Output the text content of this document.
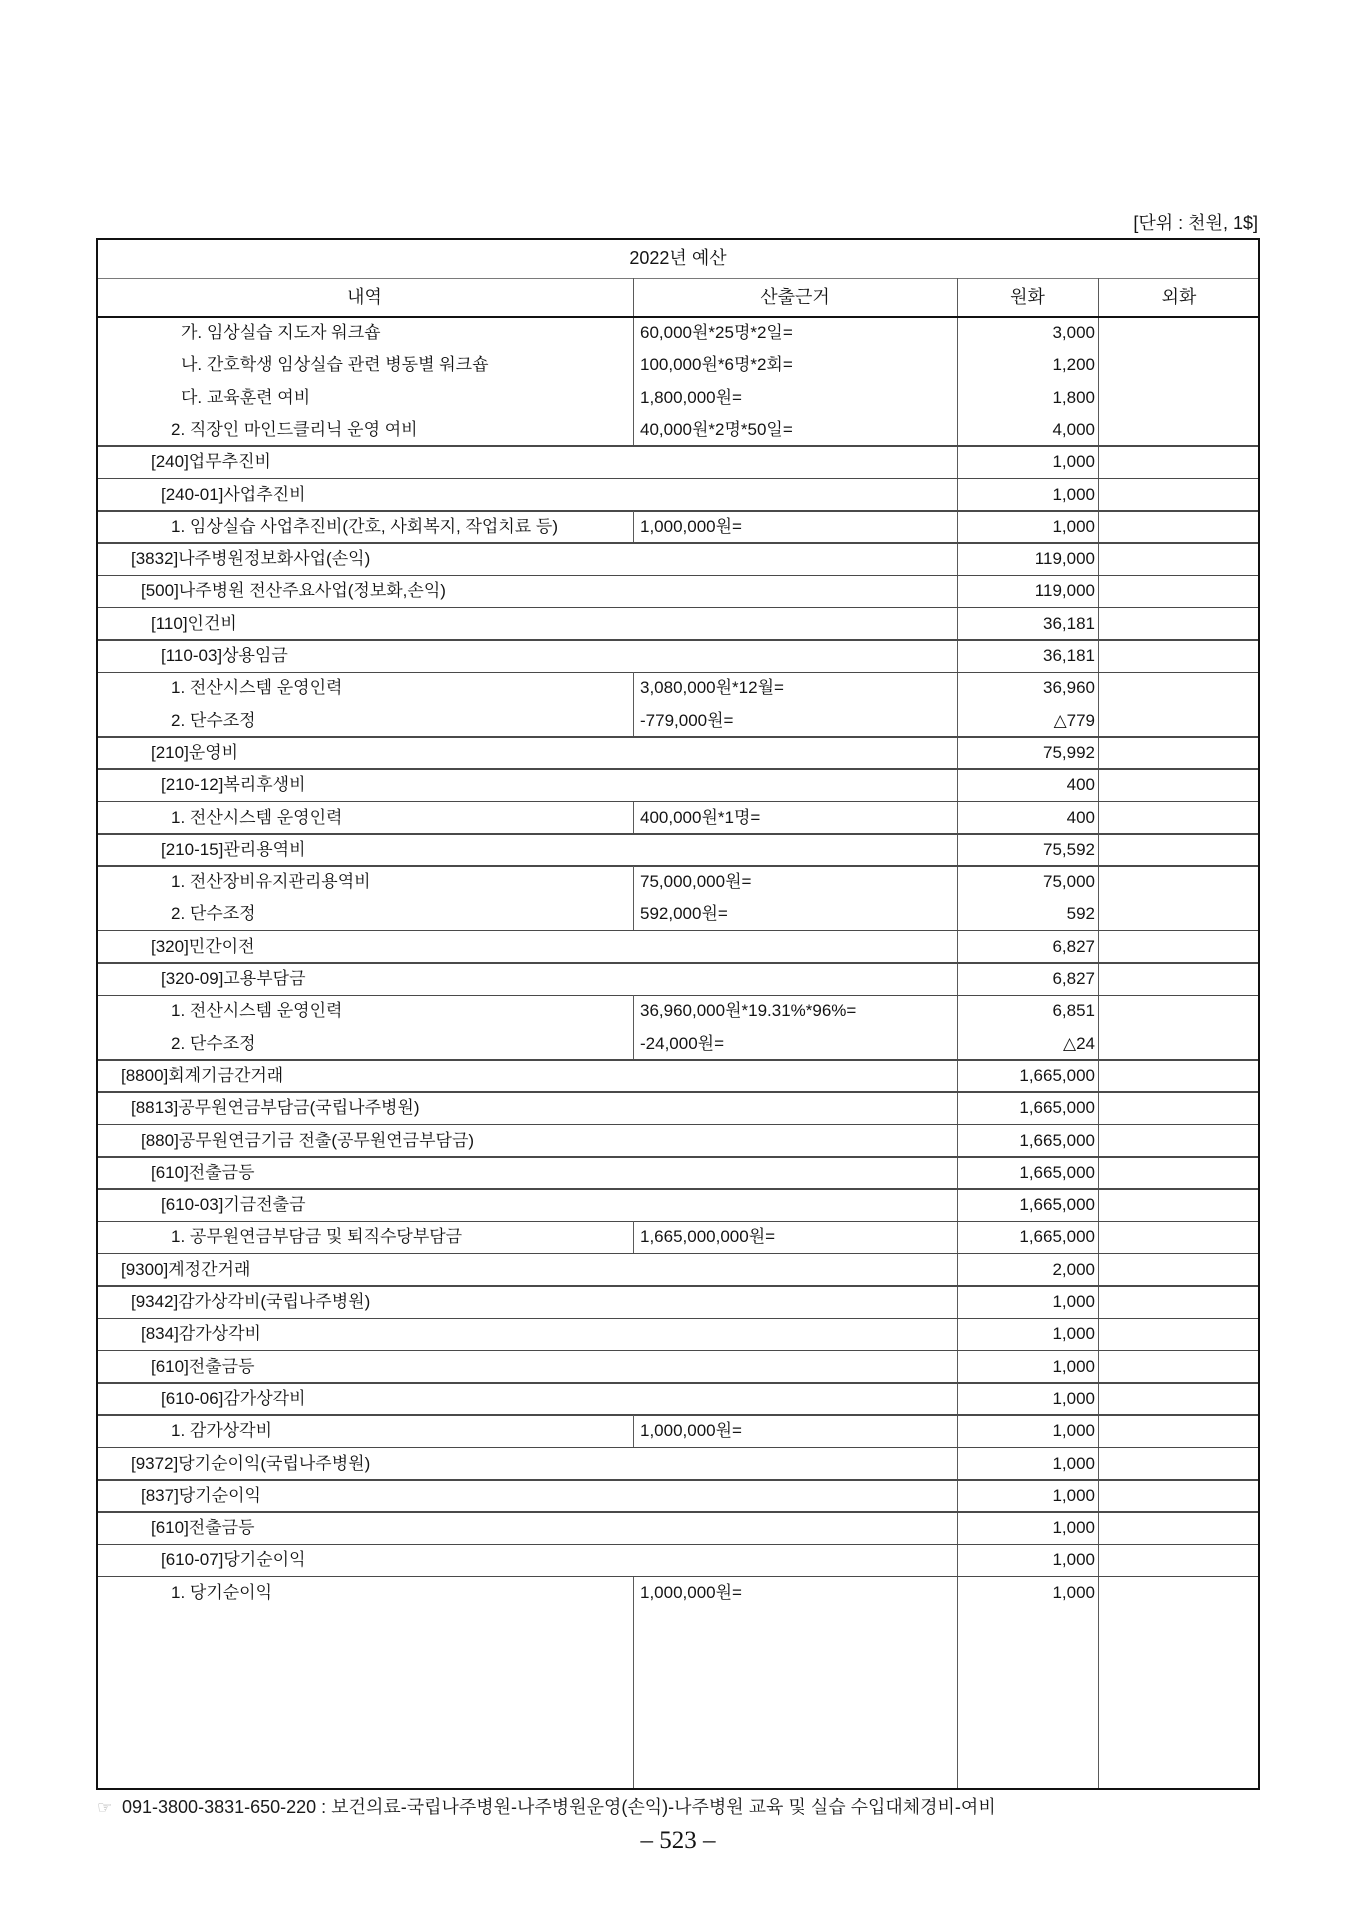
[단위 : 천원, 1$]
2022년 예산
내역	산출근거	원화	외화
가. 임상실습 지도자 워크숍	60,000원*25명*2일=	3,000
나. 간호학생 임상실습 관련 병동별 워크숍	100,000원*6명*2회=	1,200
다. 교육훈련 여비	1,800,000원=	1,800
2. 직장인 마인드클리닉 운영 여비	40,000원*2명*50일=	4,000
[240]업무추진비	1,000
[240-01]사업추진비	1,000
1. 임상실습 사업추진비(간호, 사회복지, 작업치료 등)	1,000,000원=	1,000
[3832]나주병원정보화사업(손익)	119,000
[500]나주병원 전산주요사업(정보화,손익)	119,000
[110]인건비	36,181
[110-03]상용임금	36,181
1. 전산시스템 운영인력	3,080,000원*12월=	36,960
2. 단수조정	-779,000원=	△779
[210]운영비	75,992
[210-12]복리후생비	400
1. 전산시스템 운영인력	400,000원*1명=	400
[210-15]관리용역비	75,592
1. 전산장비유지관리용역비	75,000,000원=	75,000
2. 단수조정	592,000원=	592
[320]민간이전	6,827
[320-09]고용부담금	6,827
1. 전산시스템 운영인력	36,960,000원*19.31%*96%=	6,851
2. 단수조정	-24,000원=	△24
[8800]회계기금간거래	1,665,000
[8813]공무원연금부담금(국립나주병원)	1,665,000
[880]공무원연금기금 전출(공무원연금부담금)	1,665,000
[610]전출금등	1,665,000
[610-03]기금전출금	1,665,000
1. 공무원연금부담금 및 퇴직수당부담금	1,665,000,000원=	1,665,000
[9300]계정간거래	2,000
[9342]감가상각비(국립나주병원)	1,000
[834]감가상각비	1,000
[610]전출금등	1,000
[610-06]감가상각비	1,000
1. 감가상각비	1,000,000원=	1,000
[9372]당기순이익(국립나주병원)	1,000
[837]당기순이익	1,000
[610]전출금등	1,000
[610-07]당기순이익	1,000
1. 당기순이익	1,000,000원=	1,000
☞091-3800-3831-650-220 : 보건의료-국립나주병원-나주병원운영(손익)-나주병원 교육 및 실습 수입대체경비-여비
– 523 –
